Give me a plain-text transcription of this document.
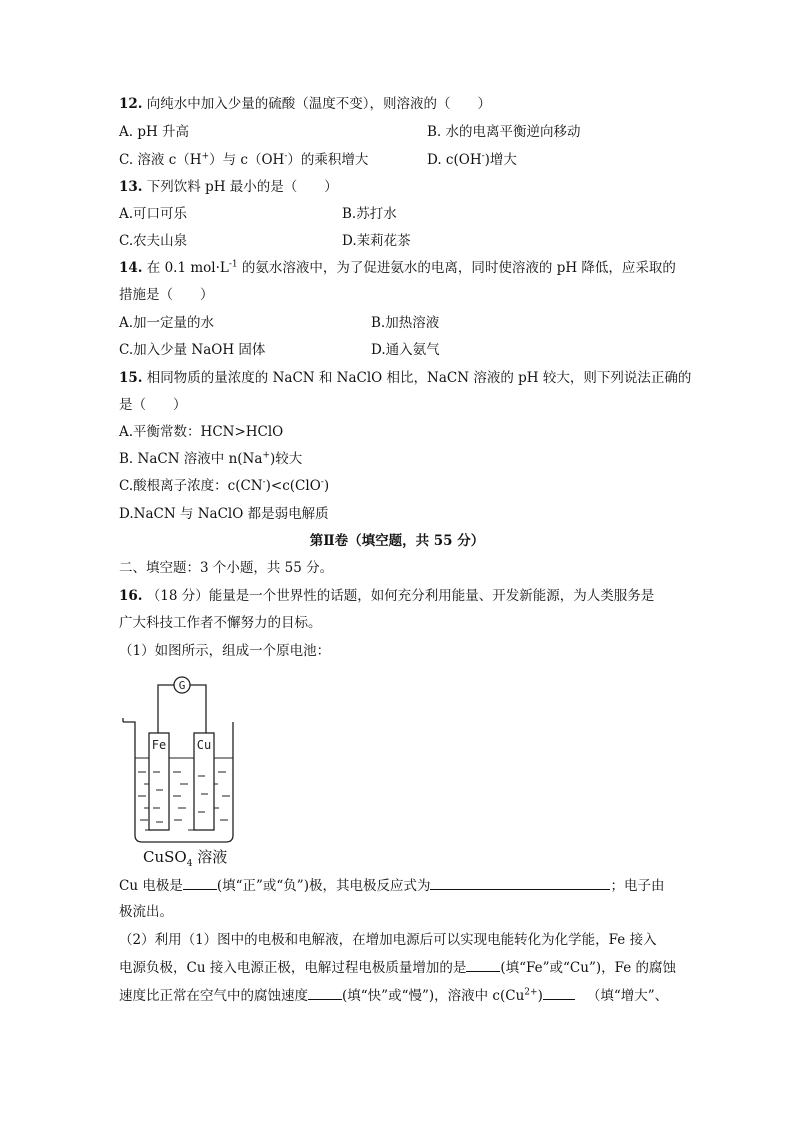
12. 向纯水中加入少量的硫酸（温度不变），则溶液的（　　）
A. pH 升高	B. 水的电离平衡逆向移动
C. 溶液 c（H+）与 c（OH-）的乘积增大	D. c(OH-)增大
13. 下列饮料 pH 最小的是（　　）
A.可口可乐	B.苏打水
C.农夫山泉	D.茉莉花茶
14. 在 0.1 $mol\cdot L^{-1}$ 的氨水溶液中，为了促进氨水的电离，同时使溶液的 pH 降低，应采取的
措施是（　　）
A.加一定量的水	B.加热溶液
C.加入少量 NaOH 固体	D.通入氨气
15. 相同物质的量浓度的 NaCN 和 NaClO 相比，NaCN 溶液的 pH 较大，则下列说法正确的
是（　　）
A.平衡常数：HCN>HClO
B. NaCN 溶液中 n(Na+)较大
C.酸根离子浓度：c(CN-)<c(ClO-)
D.NaCN 与 NaClO 都是弱电解质
第Ⅱ卷（填空题，共 55 分）
二、填空题：3 个小题，共 55 分。
16. （18 分）能量是一个世界性的话题，如何充分利用能量、开发新能源，为人类服务是
广大科技工作者不懈努力的目标。
（1）如图所示，组成一个原电池：
G
Fe	Cu
CuSO$_4$ 溶液
Cu 电极是	(填“正”或“负”)极，其电极反应式为	；电子由
极流出。
（2）利用（1）图中的电极和电解液，在增加电源后可以实现电能转化为化学能，Fe 接入
电源负极，Cu 接入电源正极，电解过程电极质量增加的是	(填“Fe”或“Cu”)，Fe 的腐蚀
速度比正常在空气中的腐蚀速度	(填“快”或“慢”)，溶液中 $c(Cu^{2+})$	（填“增大”、
